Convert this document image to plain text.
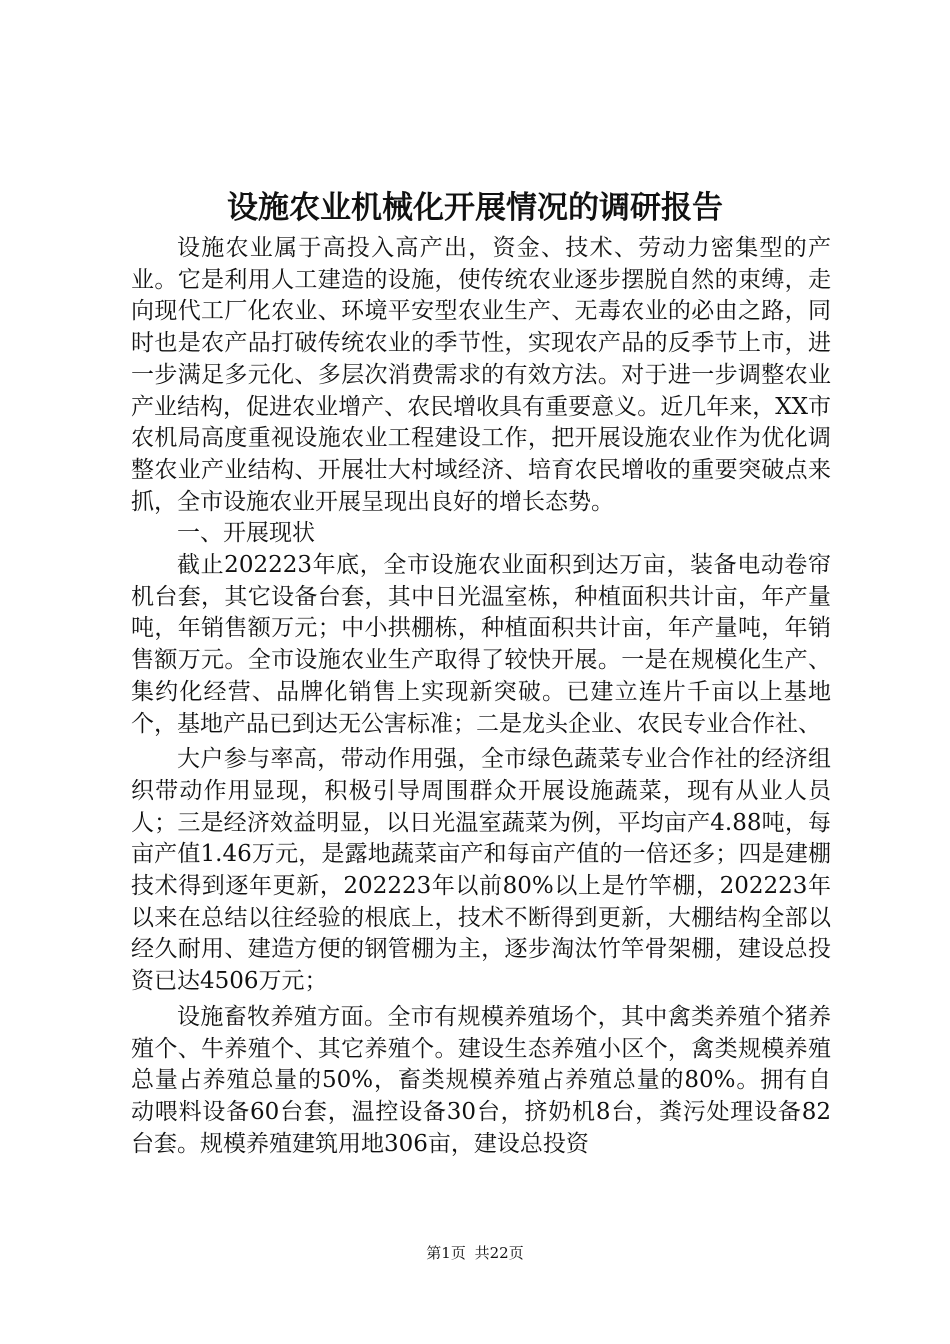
设施农业机械化开展情况的调研报告

设施农业属于高投入高产出，资金、技术、劳动力密集型的产业。它是利用人工建造的设施，使传统农业逐步摆脱自然的束缚，走向现代工厂化农业、环境平安型农业生产、无毒农业的必由之路，同时也是农产品打破传统农业的季节性，实现农产品的反季节上市，进一步满足多元化、多层次消费需求的有效方法。对于进一步调整农业产业结构，促进农业增产、农民增收具有重要意义。近几年来，XX市农机局高度重视设施农业工程建设工作，把开展设施农业作为优化调整农业产业结构、开展壮大村域经济、培育农民增收的重要突破点来抓，全市设施农业开展呈现出良好的增长态势。

一、开展现状

截止202223年底，全市设施农业面积到达万亩，装备电动卷帘机台套，其它设备台套，其中日光温室栋，种植面积共计亩，年产量吨，年销售额万元；中小拱棚栋，种植面积共计亩，年产量吨，年销售额万元。全市设施农业生产取得了较快开展。一是在规模化生产、集约化经营、品牌化销售上实现新突破。已建立连片千亩以上基地个，基地产品已到达无公害标准；二是龙头企业、农民专业合作社、

大户参与率高，带动作用强，全市绿色蔬菜专业合作社的经济组织带动作用显现，积极引导周围群众开展设施蔬菜，现有从业人员人；三是经济效益明显，以日光温室蔬菜为例，平均亩产4.88吨，每亩产值1.46万元，是露地蔬菜亩产和每亩产值的一倍还多；四是建棚技术得到逐年更新，202223年以前80%以上是竹竿棚，202223年以来在总结以往经验的根底上，技术不断得到更新，大棚结构全部以经久耐用、建造方便的钢管棚为主，逐步淘汰竹竿骨架棚，建设总投资已达4506万元；

设施畜牧养殖方面。全市有规模养殖场个，其中禽类养殖个猪养殖个、牛养殖个、其它养殖个。建设生态养殖小区个，禽类规模养殖总量占养殖总量的50%，畜类规模养殖占养殖总量的80%。拥有自动喂料设备60台套，温控设备30台，挤奶机8台，粪污处理设备82台套。规模养殖建筑用地306亩，建设总投资

第1页 共22页
